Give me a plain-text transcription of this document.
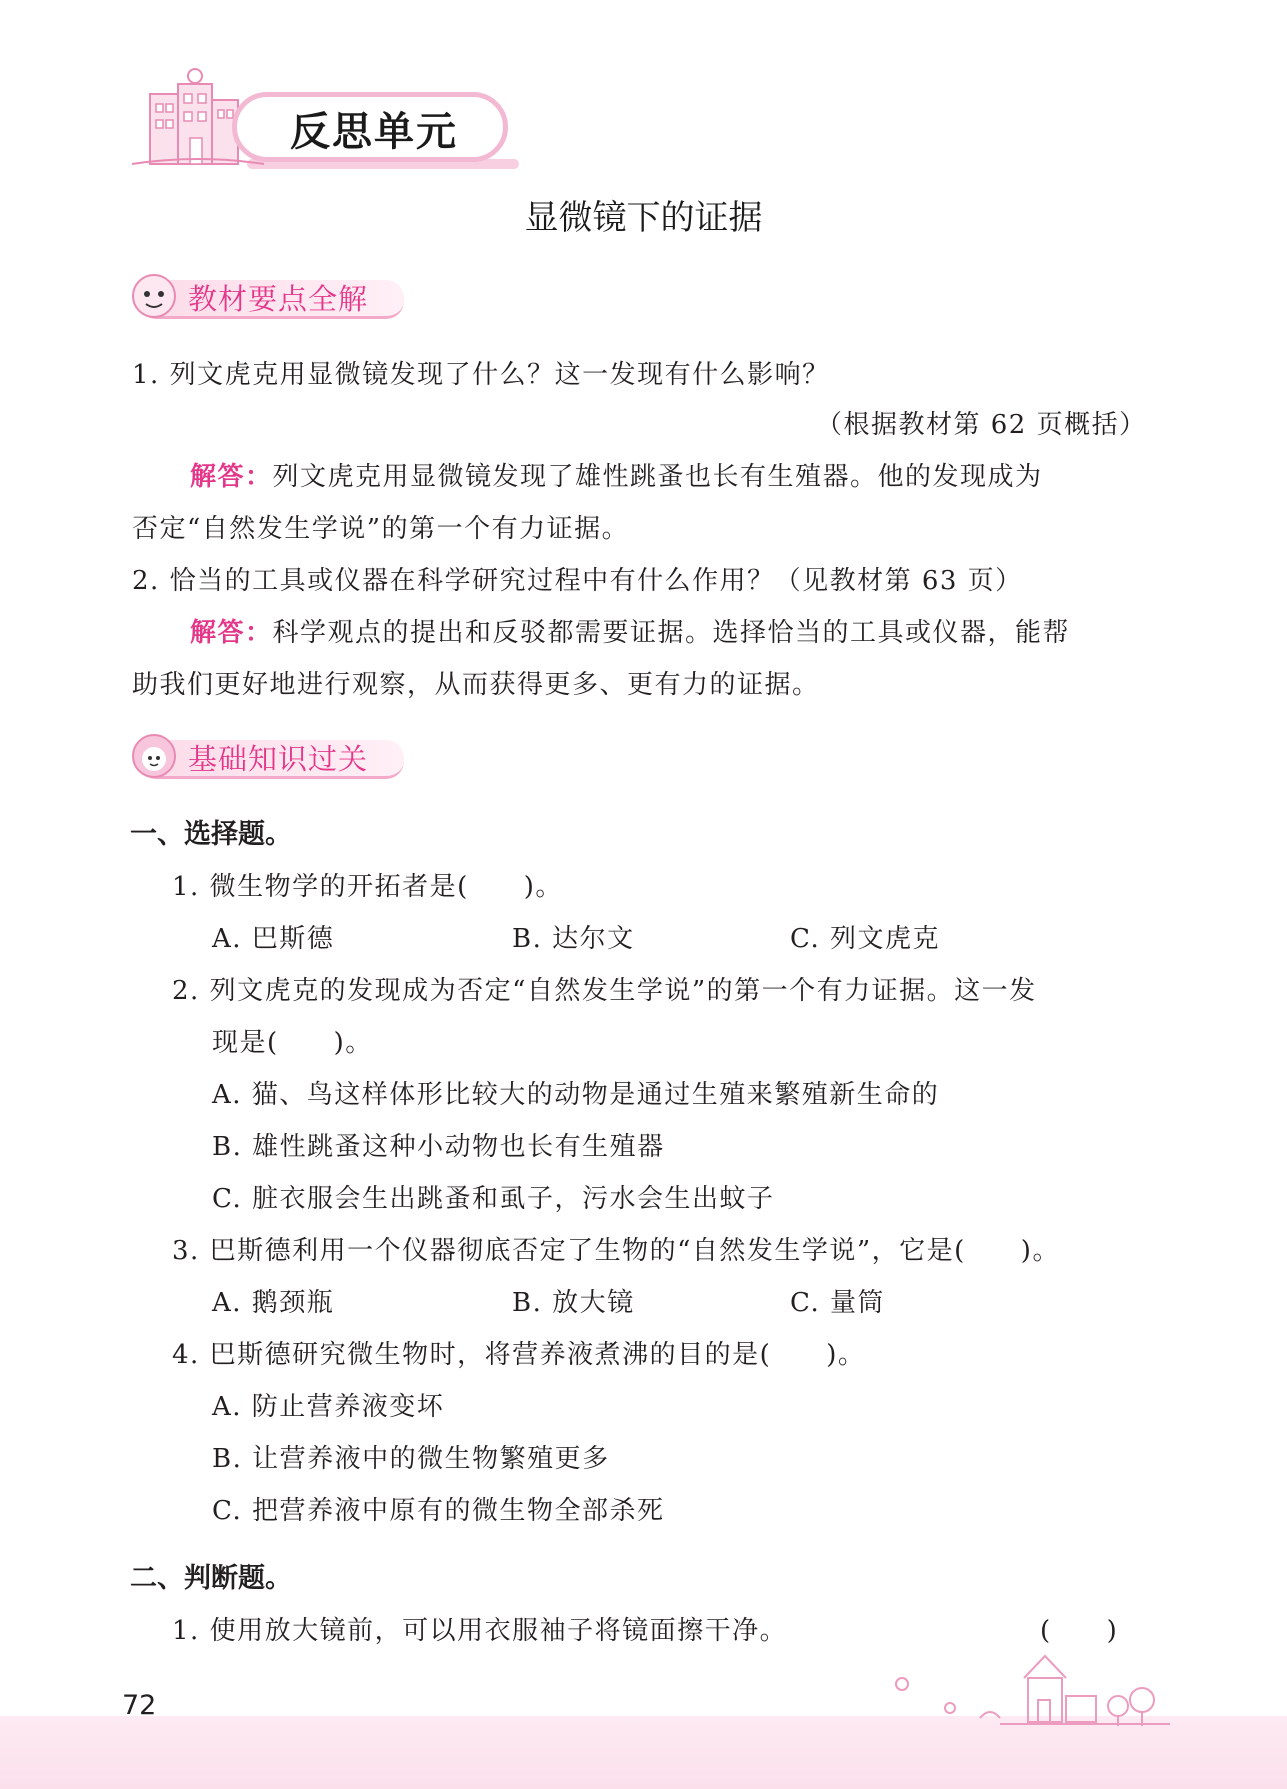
反思单元
显微镜下的证据
教材要点全解
1. 列文虎克用显微镜发现了什么？这一发现有什么影响？
（根据教材第 62 页概括）
解答：列文虎克用显微镜发现了雄性跳蚤也长有生殖器。他的发现成为
否定“自然发生学说”的第一个有力证据。
2. 恰当的工具或仪器在科学研究过程中有什么作用？（见教材第 63 页）
解答：科学观点的提出和反驳都需要证据。选择恰当的工具或仪器，能帮
助我们更好地进行观察，从而获得更多、更有力的证据。
基础知识过关
一、选择题。
1. 微生物学的开拓者是(　　)。
A. 巴斯德	B. 达尔文	C. 列文虎克
2. 列文虎克的发现成为否定“自然发生学说”的第一个有力证据。这一发
现是(　　)。
A. 猫、鸟这样体形比较大的动物是通过生殖来繁殖新生命的
B. 雄性跳蚤这种小动物也长有生殖器
C. 脏衣服会生出跳蚤和虱子，污水会生出蚊子
3. 巴斯德利用一个仪器彻底否定了生物的“自然发生学说”，它是(　　)。
A. 鹅颈瓶	B. 放大镜	C. 量筒
4. 巴斯德研究微生物时，将营养液煮沸的目的是(　　)。
A. 防止营养液变坏
B. 让营养液中的微生物繁殖更多
C. 把营养液中原有的微生物全部杀死
二、判断题。
1. 使用放大镜前，可以用衣服袖子将镜面擦干净。	(　　)
72
